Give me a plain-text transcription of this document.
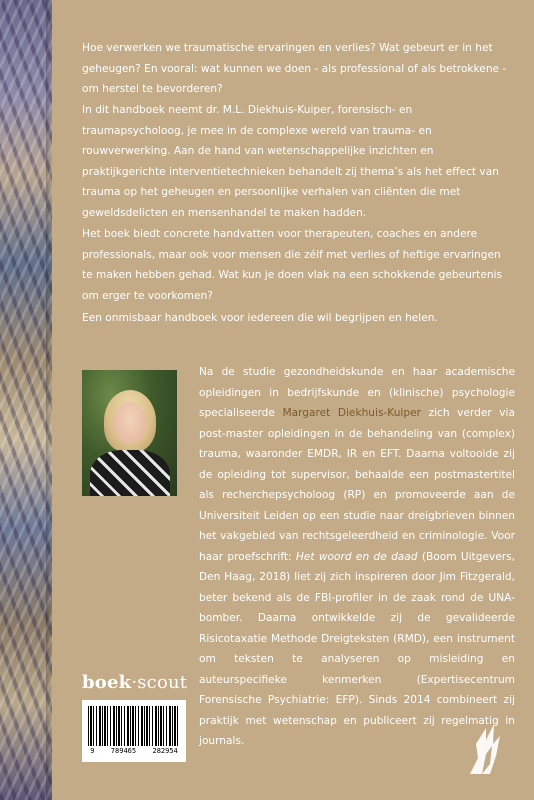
Hoe verwerken we traumatische ervaringen en verlies? Wat gebeurt er in het geheugen? En vooral: wat kunnen we doen - als professional of als betrokkene - om herstel te bevorderen?

In dit handboek neemt dr. M.L. Diekhuis-Kuiper, forensisch- en traumapsycholoog, je mee in de complexe wereld van trauma- en rouwverwerking. Aan de hand van wetenschappelijke inzichten en praktijkgerichte interventietechnieken behandelt zij thema’s als het effect van trauma op het geheugen en persoonlijke verhalen van cliënten die met geweldsdelicten en mensenhandel te maken hadden.

Het boek biedt concrete handvatten voor therapeuten, coaches en andere professionals, maar ook voor mensen die zélf met verlies of heftige ervaringen te maken hebben gehad. Wat kun je doen vlak na een schokkende gebeurtenis om erger te voorkomen?

Een onmisbaar handboek voor iedereen die wil begrijpen en helen.

Na de studie gezondheidskunde en haar academische opleidingen in bedrijfskunde en (klinische) psychologie specialiseerde Margaret Diekhuis-Kuiper zich verder via post-master opleidingen in de behandeling van (complex) trauma, waaronder EMDR, IR en EFT. Daarna voltooide zij de opleiding tot supervisor, behaalde een postmastertitel als recherchepsycholoog (RP) en promoveerde aan de Universiteit Leiden op een studie naar dreigbrieven binnen het vakgebied van rechtsgeleerdheid en criminologie. Voor haar proefschrift: Het woord en de daad (Boom Uitgevers, Den Haag, 2018) liet zij zich inspireren door Jim Fitzgerald, beter bekend als de FBI-profiler in de zaak rond de UNA-bomber. Daarna ontwikkelde zij de gevalideerde Risicotaxatie Methode Dreigteksten (RMD), een instrument om teksten te analyseren op misleiding en auteurspecifieke kenmerken (Expertisecentrum Forensische Psychiatrie: EFP). Sinds 2014 combineert zij praktijk met wetenschap en publiceert zij regelmatig in journals.

boek·scout
9 789465 282954
